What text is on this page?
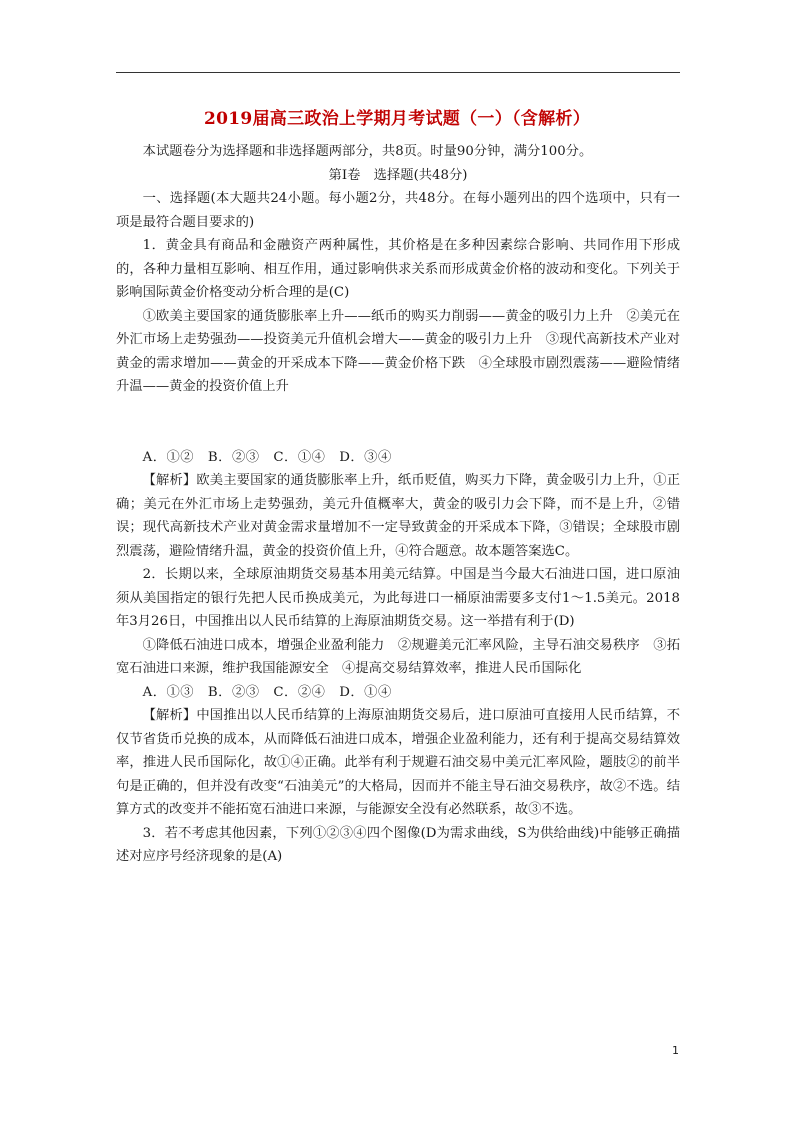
2019届高三政治上学期月考试题（一）（含解析）

本试题卷分为选择题和非选择题两部分，共8页。时量90分钟，满分100分。

第Ⅰ卷　选择题(共48分)

一、选择题(本大题共24小题。每小题2分，共48分。在每小题列出的四个选项中，只有一项是最符合题目要求的)

1．黄金具有商品和金融资产两种属性，其价格是在多种因素综合影响、共同作用下形成的，各种力量相互影响、相互作用，通过影响供求关系而形成黄金价格的波动和变化。下列关于影响国际黄金价格变动分析合理的是(C)

①欧美主要国家的通货膨胀率上升——纸币的购买力削弱——黄金的吸引力上升　②美元在外汇市场上走势强劲——投资美元升值机会增大——黄金的吸引力上升　③现代高新技术产业对黄金的需求增加——黄金的开采成本下降——黄金价格下跌　④全球股市剧烈震荡——避险情绪升温——黄金的投资价值上升

A．①②　B．②③　C．①④　D．③④

【解析】欧美主要国家的通货膨胀率上升，纸币贬值，购买力下降，黄金吸引力上升，①正确；美元在外汇市场上走势强劲，美元升值概率大，黄金的吸引力会下降，而不是上升，②错误；现代高新技术产业对黄金需求量增加不一定导致黄金的开采成本下降，③错误；全球股市剧烈震荡，避险情绪升温，黄金的投资价值上升，④符合题意。故本题答案选C。

2．长期以来，全球原油期货交易基本用美元结算。中国是当今最大石油进口国，进口原油须从美国指定的银行先把人民币换成美元，为此每进口一桶原油需要多支付1～1.5美元。2018年3月26日，中国推出以人民币结算的上海原油期货交易。这一举措有利于(D)

①降低石油进口成本，增强企业盈利能力　②规避美元汇率风险，主导石油交易秩序　③拓宽石油进口来源，维护我国能源安全　④提高交易结算效率，推进人民币国际化

A．①③　B．②③　C．②④　D．①④

【解析】中国推出以人民币结算的上海原油期货交易后，进口原油可直接用人民币结算，不仅节省货币兑换的成本，从而降低石油进口成本，增强企业盈利能力，还有利于提高交易结算效率，推进人民币国际化，故①④正确。此举有利于规避石油交易中美元汇率风险，题肢②的前半句是正确的，但并没有改变“石油美元”的大格局，因而并不能主导石油交易秩序，故②不选。结算方式的改变并不能拓宽石油进口来源，与能源安全没有必然联系，故③不选。

3．若不考虑其他因素，下列①②③④四个图像(D为需求曲线，S为供给曲线)中能够正确描述对应序号经济现象的是(A)

1
